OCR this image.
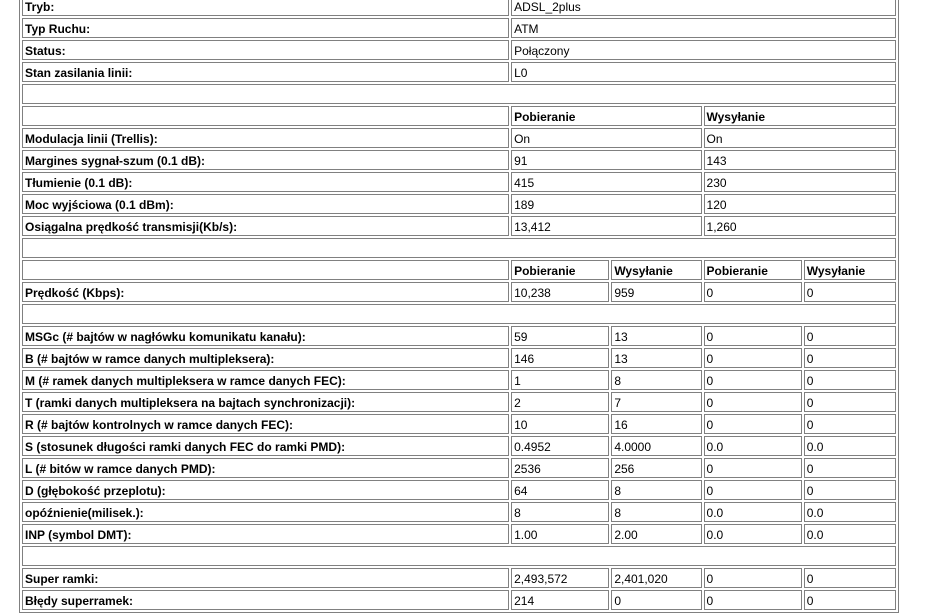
Tryb:	ADSL_2plus			
Typ Ruchu:	ATM			
Status:	Połączony			
Stan zasilania linii:	L0			

	Pobieranie		Wysyłanie	
Modulacja linii (Trellis):	On		On	
Margines sygnał-szum (0.1 dB):	91		143	
Tłumienie (0.1 dB):	415		230	
Moc wyjściowa (0.1 dBm):	189		120	
Osiągalna prędkość transmisji(Kb/s):	13,412		1,260	

	Pobieranie	Wysyłanie	Pobieranie	Wysyłanie
Prędkość (Kbps):	10,238	959	0	0

MSGc (# bajtów w nagłówku komunikatu kanału):	59	13	0	0
B (# bajtów w ramce danych multipleksera):	146	13	0	0
M (# ramek danych multipleksera w ramce danych FEC):	1	8	0	0
T (ramki danych multipleksera na bajtach synchronizacji):	2	7	0	0
R (# bajtów kontrolnych w ramce danych FEC):	10	16	0	0
S (stosunek długości ramki danych FEC do ramki PMD):	0.4952	4.0000	0.0	0.0
L (# bitów w ramce danych PMD):	2536	256	0	0
D (głębokość przeplotu):	64	8	0	0
opóźnienie(milisek.):	8	8	0.0	0.0
INP (symbol DMT):	1.00	2.00	0.0	0.0

Super ramki:	2,493,572	2,401,020	0	0
Błędy superramek:	214	0	0	0
